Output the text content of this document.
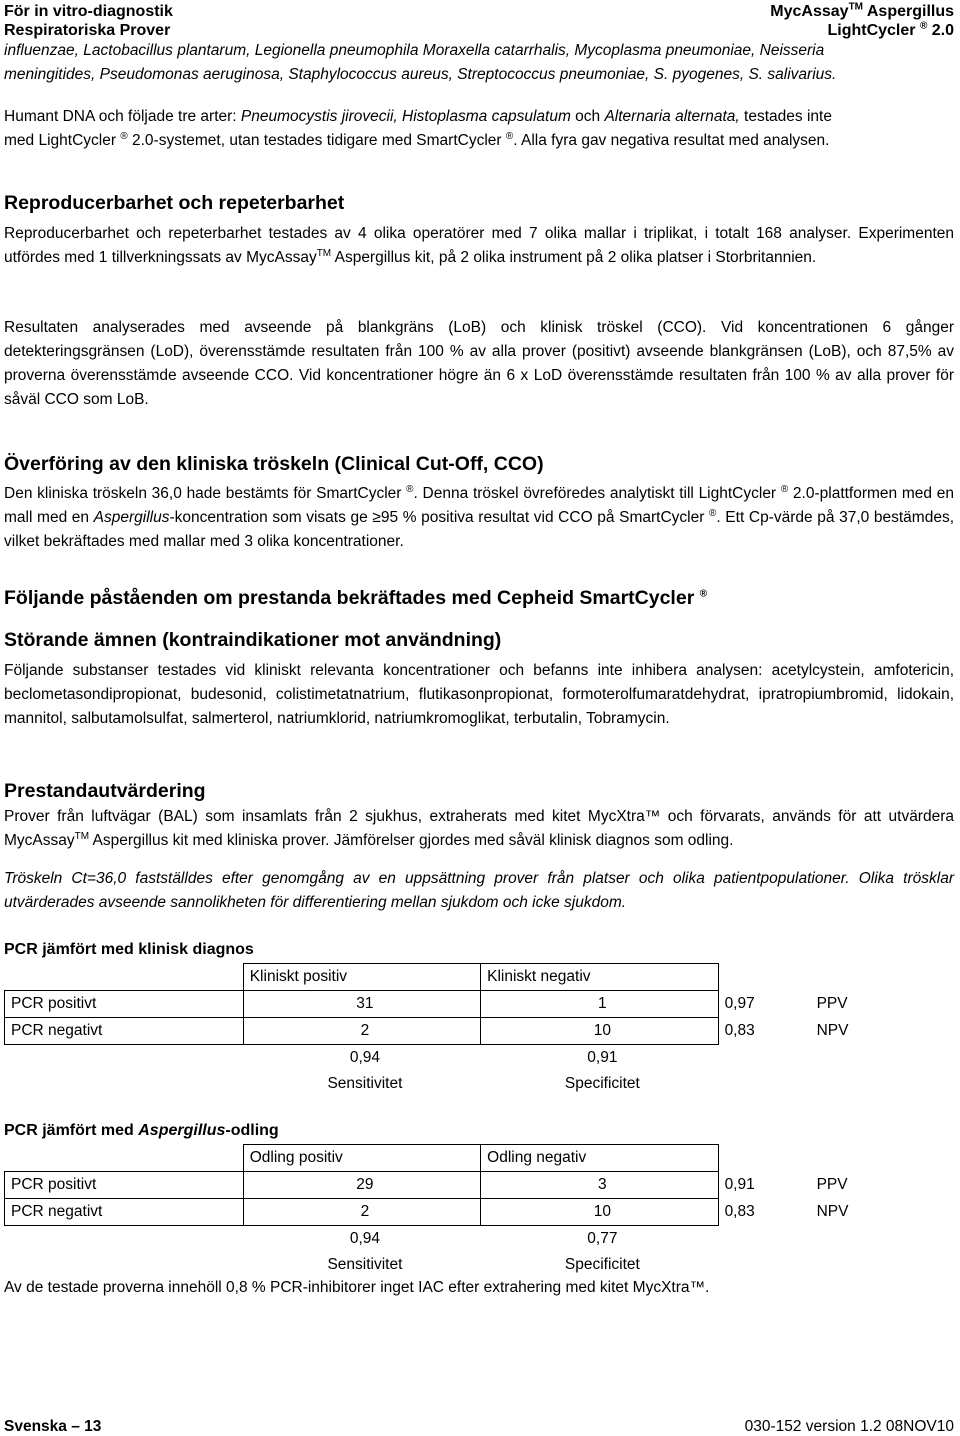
För in vitro-diagnostik
Respiratoriska Prover
MycAssay™ Aspergillus
LightCycler ® 2.0
influenzae, Lactobacillus plantarum, Legionella pneumophila Moraxella catarrhalis, Mycoplasma pneumoniae, Neisseria
meningitides, Pseudomonas aeruginosa, Staphylococcus aureus, Streptococcus pneumoniae, S. pyogenes, S. salivarius.
Humant DNA och följade tre arter: Pneumocystis jirovecii, Histoplasma capsulatum och Alternaria alternata, testades inte
med LightCycler ® 2.0-systemet, utan testades tidigare med SmartCycler ®. Alla fyra gav negativa resultat med analysen.
Reproducerbarhet och repeterbarhet

Reproducerbarhet och repeterbarhet testades av 4 olika operatörer med 7 olika mallar i triplikat, i totalt 168 analyser. Experimenten utfördes med 1 tillverkningssats av MycAssay™ Aspergillus kit, på 2 olika instrument på 2 olika platser i Storbritannien.

Resultaten analyserades med avseende på blankgräns (LoB) och klinisk tröskel (CCO). Vid koncentrationen 6 gånger detekteringsgränsen (LoD), överensstämde resultaten från 100 % av alla prover (positivt) avseende blankgränsen (LoB), och 87,5% av proverna överensstämde avseende CCO. Vid koncentrationer högre än 6 x LoD överensstämde resultaten från 100 % av alla prover för såväl CCO som LoB.

Överföring av den kliniska tröskeln (Clinical Cut-Off, CCO)

Den kliniska tröskeln 36,0 hade bestämts för SmartCycler ®. Denna tröskel övreföredes analytiskt till LightCycler ® 2.0-plattformen med en mall med en Aspergillus-koncentration som visats ge ≥95 % positiva resultat vid CCO på SmartCycler ®. Ett Cp-värde på 37,0 bestämdes, vilket bekräftades med mallar med 3 olika koncentrationer.

Följande påståenden om prestanda bekräftades med Cepheid SmartCycler ®
Störande ämnen (kontraindikationer mot användning)

Följande substanser testades vid kliniskt relevanta koncentrationer och befanns inte inhibera analysen: acetylcystein, amfotericin, beclometasondipropionat, budesonid, colistimetatnatrium, flutikasonpropionat, formoterolfumaratdehydrat, ipratropiumbromid, lidokain, mannitol, salbutamolsulfat, salmerterol, natriumklorid, natriumkromoglikat, terbutalin, Tobramycin.

Prestandautvärdering

Prover från luftvägar (BAL) som insamlats från 2 sjukhus, extraherats med kitet MycXtra™ och förvarats, används för att utvärdera MycAssay™ Aspergillus kit med kliniska prover. Jämförelser gjordes med såväl klinisk diagnos som odling.

Tröskeln Ct=36,0 fastställdes efter genomgång av en uppsättning prover från platser och olika patientpopulationer. Olika trösklar utvärderades avseende sannolikheten för differentiering mellan sjukdom och icke sjukdom.

PCR jämfört med klinisk diagnos
	Kliniskt positiv	Kliniskt negativ		
PCR positivt	31	1	0,97	PPV
PCR negativt	2	10	0,83	NPV
	0,94	0,91		
	Sensitivitet	Specificitet		
PCR jämfört med Aspergillus-odling
	Odling positiv	Odling negativ		
PCR positivt	29	3	0,91	PPV
PCR negativt	2	10	0,83	NPV
	0,94	0,77		
	Sensitivitet	Specificitet		

Av de testade proverna innehöll 0,8 % PCR-inhibitorer inget IAC efter extrahering med kitet MycXtra™.

Svenska – 13	030-152 version 1.2 08NOV10
